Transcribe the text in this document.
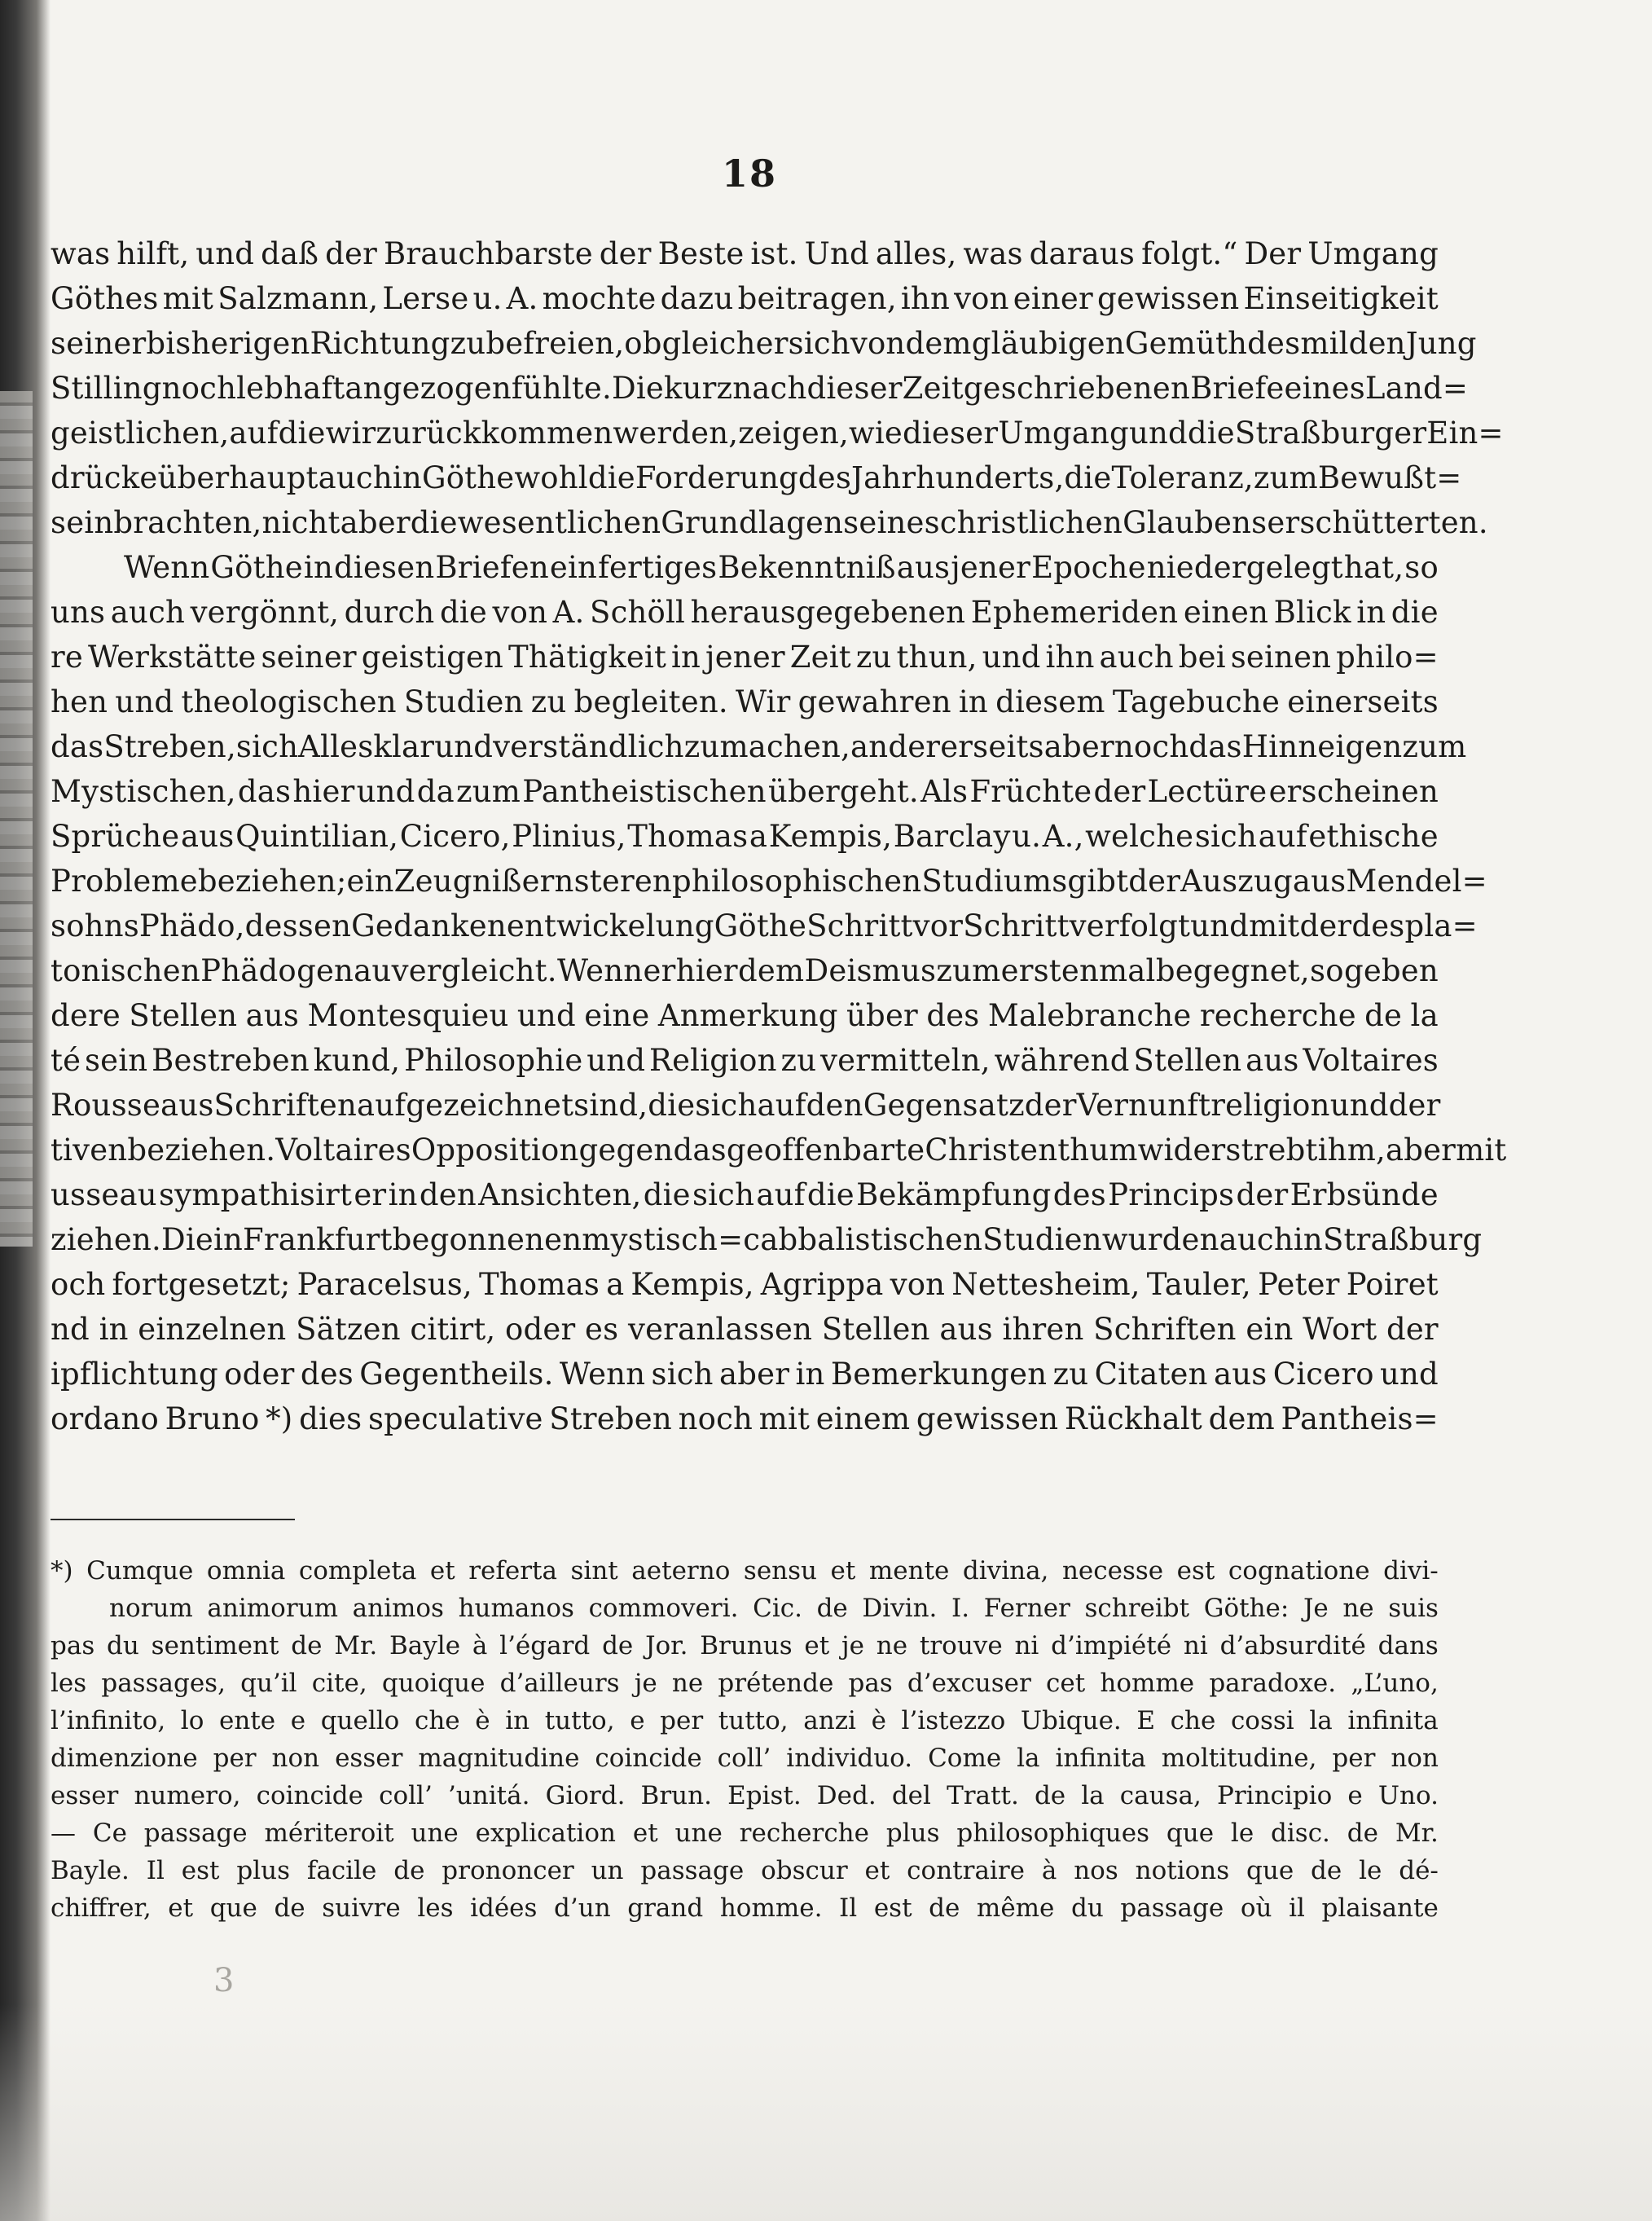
18
was hilft, und daß der Brauchbarste der Beste ist. Und alles, was daraus folgt.“ Der Umgang
Göthes mit Salzmann, Lerse u. A. mochte dazu beitragen, ihn von einer gewissen Einseitigkeit
seiner bisherigen Richtung zu befreien, obgleich er sich von dem gläubigen Gemüth des milden Jung
Stilling noch lebhaft angezogen fühlte. Die kurz nach dieser Zeit geschriebenen Briefe eines Land=
geistlichen, auf die wir zurückkommen werden, zeigen, wie dieser Umgang und die Straßburger Ein=
drücke überhaupt auch in Göthe wohl die Forderung des Jahrhunderts, die Toleranz, zum Bewußt=
sein brachten, nicht aber die wesentlichen Grundlagen seines christlichen Glaubens erschütterten.
Wenn Göthe in diesen Briefen ein fertiges Bekenntniß aus jener Epoche niedergelegt hat, so
uns auch vergönnt, durch die von A. Schöll herausgegebenen Ephemeriden einen Blick in die
re Werkstätte seiner geistigen Thätigkeit in jener Zeit zu thun, und ihn auch bei seinen philo=
hen und theologischen Studien zu begleiten. Wir gewahren in diesem Tagebuche einerseits
das Streben, sich Alles klar und verständlich zu machen, andererseits aber noch das Hinneigen zum
Mystischen, das hier und da zum Pantheistischen übergeht. Als Früchte der Lectüre erscheinen
Sprüche aus Quintilian, Cicero, Plinius, Thomas a Kempis, Barclay u. A., welche sich auf ethische
Probleme beziehen; ein Zeugniß ernsteren philosophischen Studiums gibt der Auszug aus Mendel=
sohns Phädo, dessen Gedankenentwickelung Göthe Schritt vor Schritt verfolgt und mit der des pla=
tonischen Phädo genau vergleicht. Wenn er hier dem Deismus zum erstenmal begegnet, so geben
dere Stellen aus Montesquieu und eine Anmerkung über des Malebranche recherche de la
té sein Bestreben kund, Philosophie und Religion zu vermitteln, während Stellen aus Voltaires
Rousseaus Schriften aufgezeichnet sind, die sich auf den Gegensatz der Vernunftreligion und der
tiven beziehen. Voltaires Opposition gegen das geoffenbarte Christenthum widerstrebt ihm, aber mit
usseau sympathisirt er in den Ansichten, die sich auf die Bekämpfung des Princips der Erbsünde
ziehen. Die in Frankfurt begonnenen mystisch=cabbalistischen Studien wurden auch in Straßburg
och fortgesetzt; Paracelsus, Thomas a Kempis, Agrippa von Nettesheim, Tauler, Peter Poiret
nd in einzelnen Sätzen citirt, oder es veranlassen Stellen aus ihren Schriften ein Wort der
ipflichtung oder des Gegentheils. Wenn sich aber in Bemerkungen zu Citaten aus Cicero und
ordano Bruno *) dies speculative Streben noch mit einem gewissen Rückhalt dem Pantheis=
*) Cumque omnia completa et referta sint aeterno sensu et mente divina, necesse est cognatione divi-
norum animorum animos humanos commoveri. Cic. de Divin. I. Ferner schreibt Göthe: Je ne suis
pas du sentiment de Mr. Bayle à l’égard de Jor. Brunus et je ne trouve ni d’impiété ni d’absurdité dans
les passages, qu’il cite, quoique d’ailleurs je ne prétende pas d’excuser cet homme paradoxe. „L’uno,
l’infinito, lo ente e quello che è in tutto, e per tutto, anzi è l’istezzo Ubique. E che cossi la infinita
dimenzione per non esser magnitudine coincide coll’ individuo. Come la infinita moltitudine, per non
esser numero, coincide coll’ ’unitá. Giord. Brun. Epist. Ded. del Tratt. de la causa, Principio e Uno.
— Ce passage mériteroit une explication et une recherche plus philosophiques que le disc. de Mr.
Bayle. Il est plus facile de prononcer un passage obscur et contraire à nos notions que de le dé-
chiffrer, et que de suivre les idées d’un grand homme. Il est de même du passage où il plaisante
3
